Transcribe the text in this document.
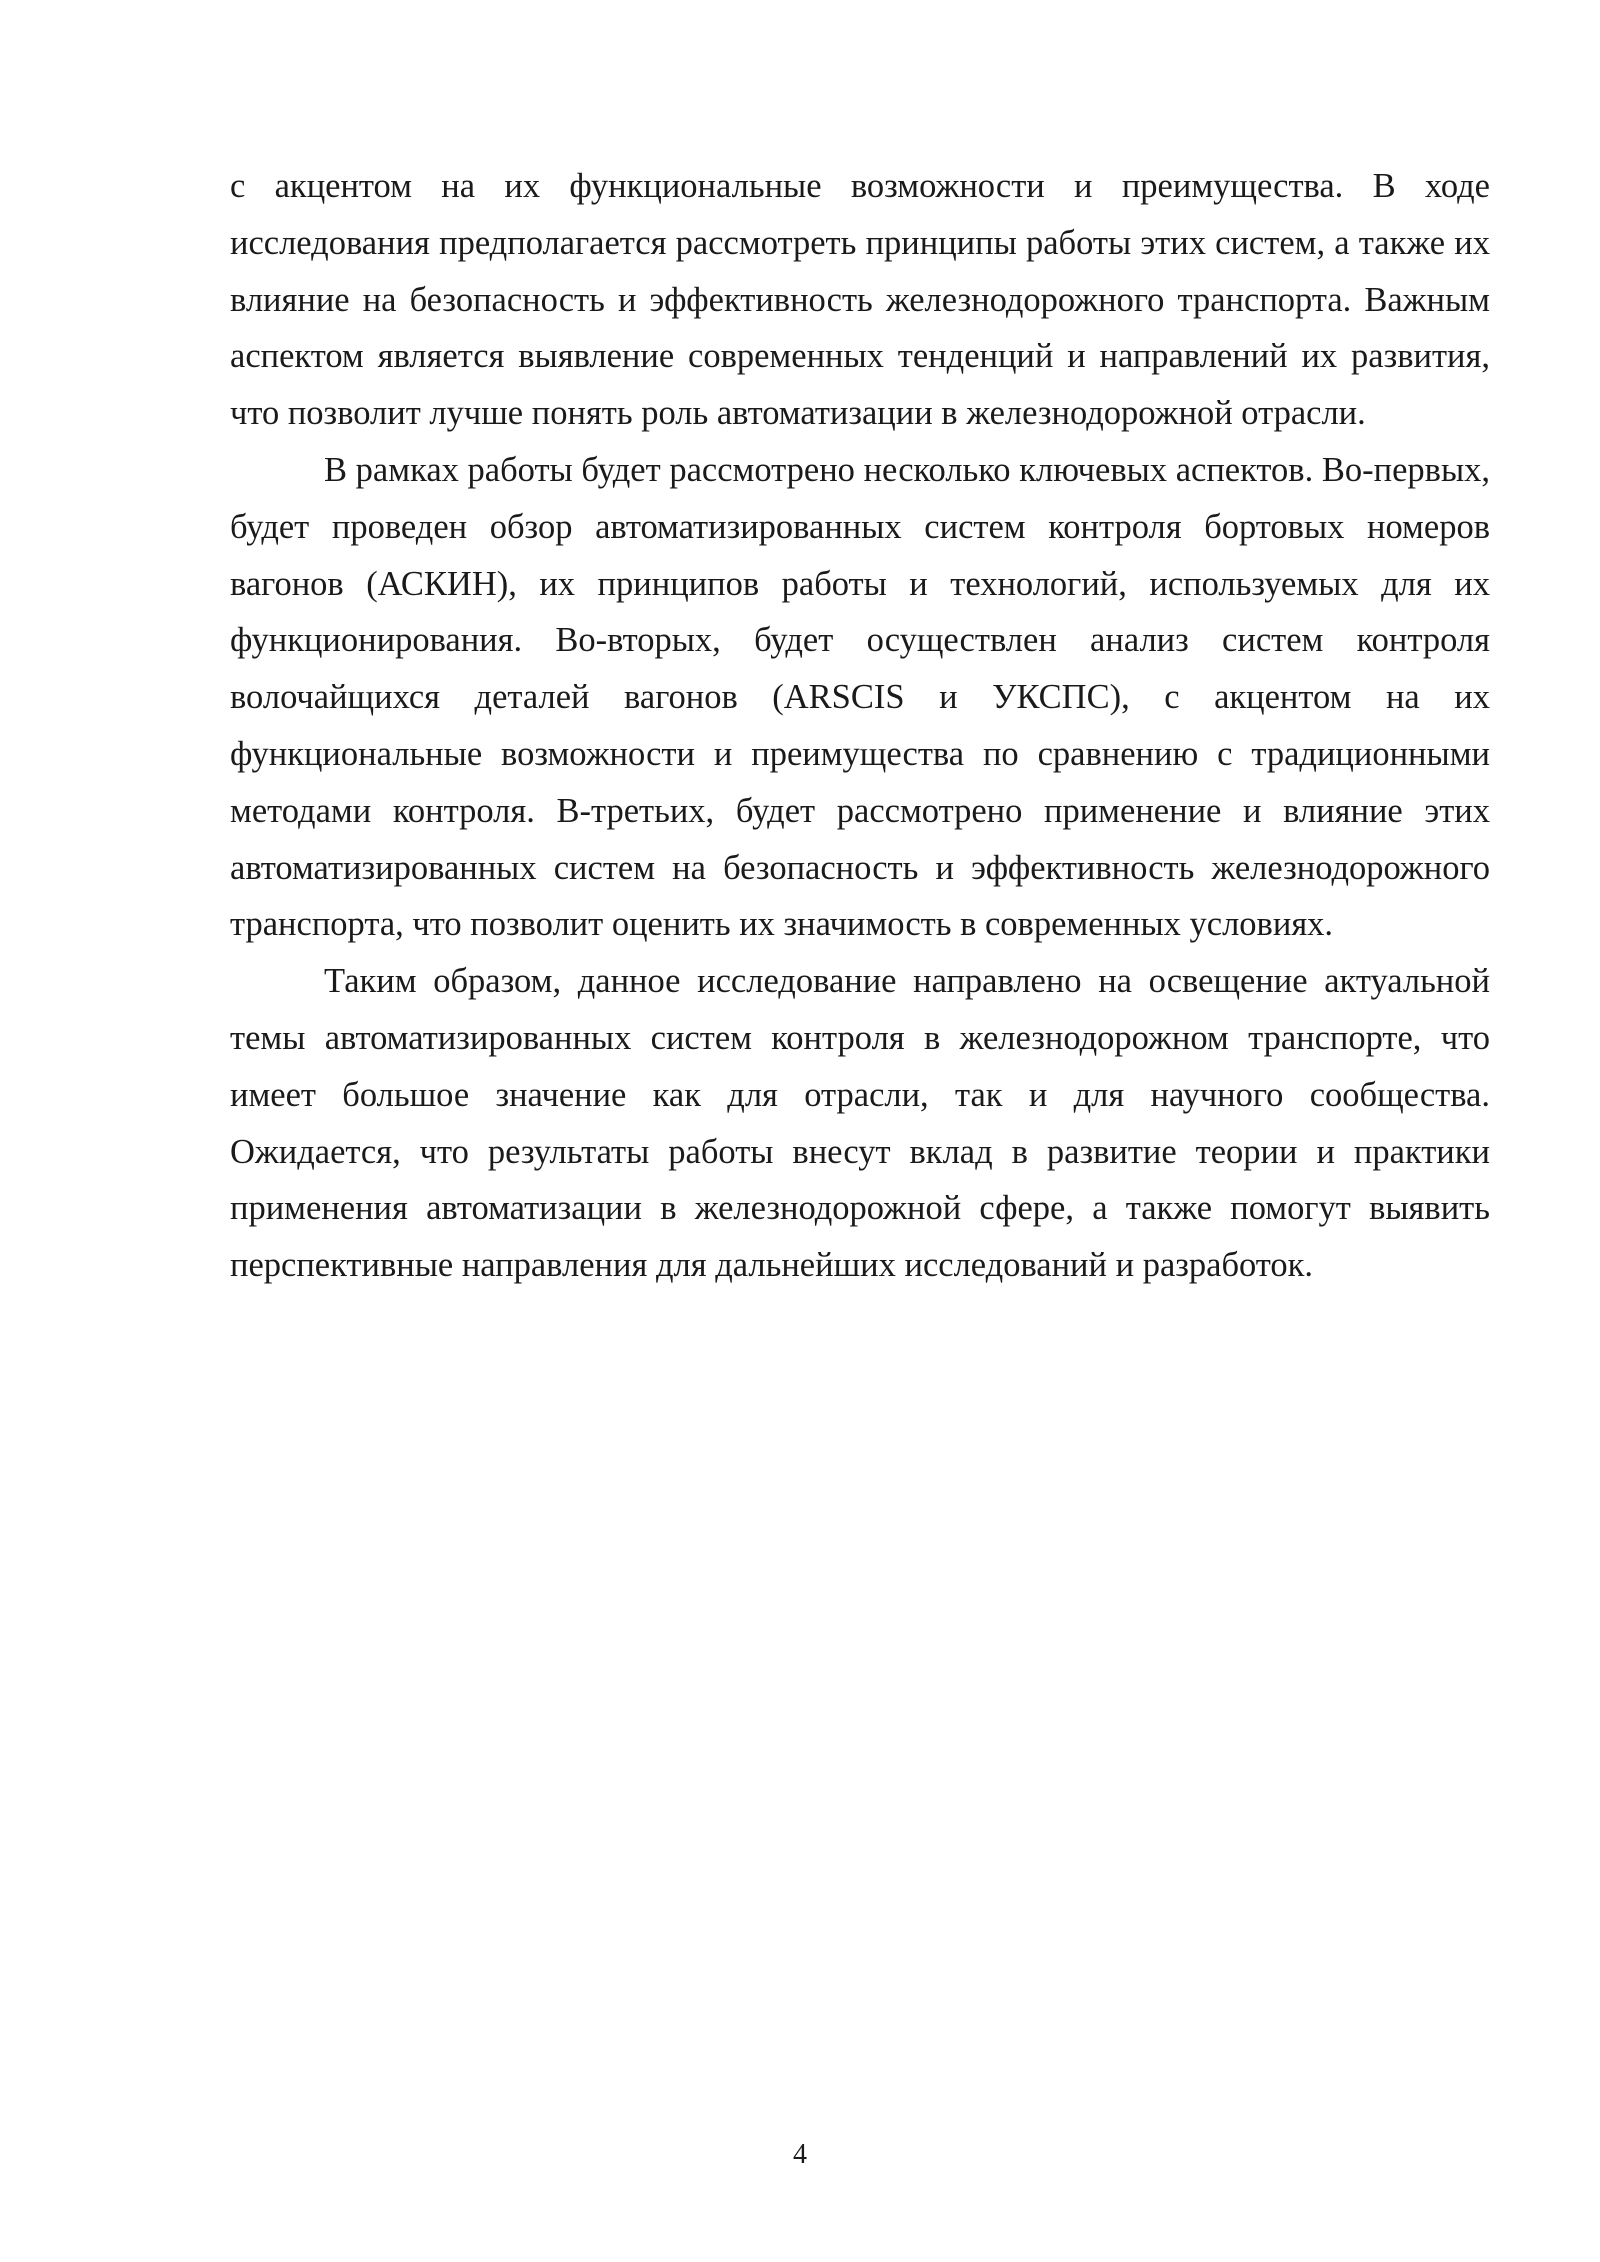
с акцентом на их функциональные возможности и преимущества. В ходе исследования предполагается рассмотреть принципы работы этих систем, а также их влияние на безопасность и эффективность железнодорожного транспорта. Важным аспектом является выявление современных тенденций и направлений их развития, что позволит лучше понять роль автоматизации в железнодорожной отрасли.

В рамках работы будет рассмотрено несколько ключевых аспектов. Во-первых, будет проведен обзор автоматизированных систем контроля бортовых номеров вагонов (АСКИН), их принципов работы и технологий, используемых для их функционирования. Во-вторых, будет осуществлен анализ систем контроля волочайщихся деталей вагонов (ARSCIS и УКСПС), с акцентом на их функциональные возможности и преимущества по сравнению с традиционными методами контроля. В-третьих, будет рассмотрено применение и влияние этих автоматизированных систем на безопасность и эффективность железнодорожного транспорта, что позволит оценить их значимость в современных условиях.

Таким образом, данное исследование направлено на освещение актуальной темы автоматизированных систем контроля в железнодорожном транспорте, что имеет большое значение как для отрасли, так и для научного сообщества. Ожидается, что результаты работы внесут вклад в развитие теории и практики применения автоматизации в железнодорожной сфере, а также помогут выявить перспективные направления для дальнейших исследований и разработок.

4
